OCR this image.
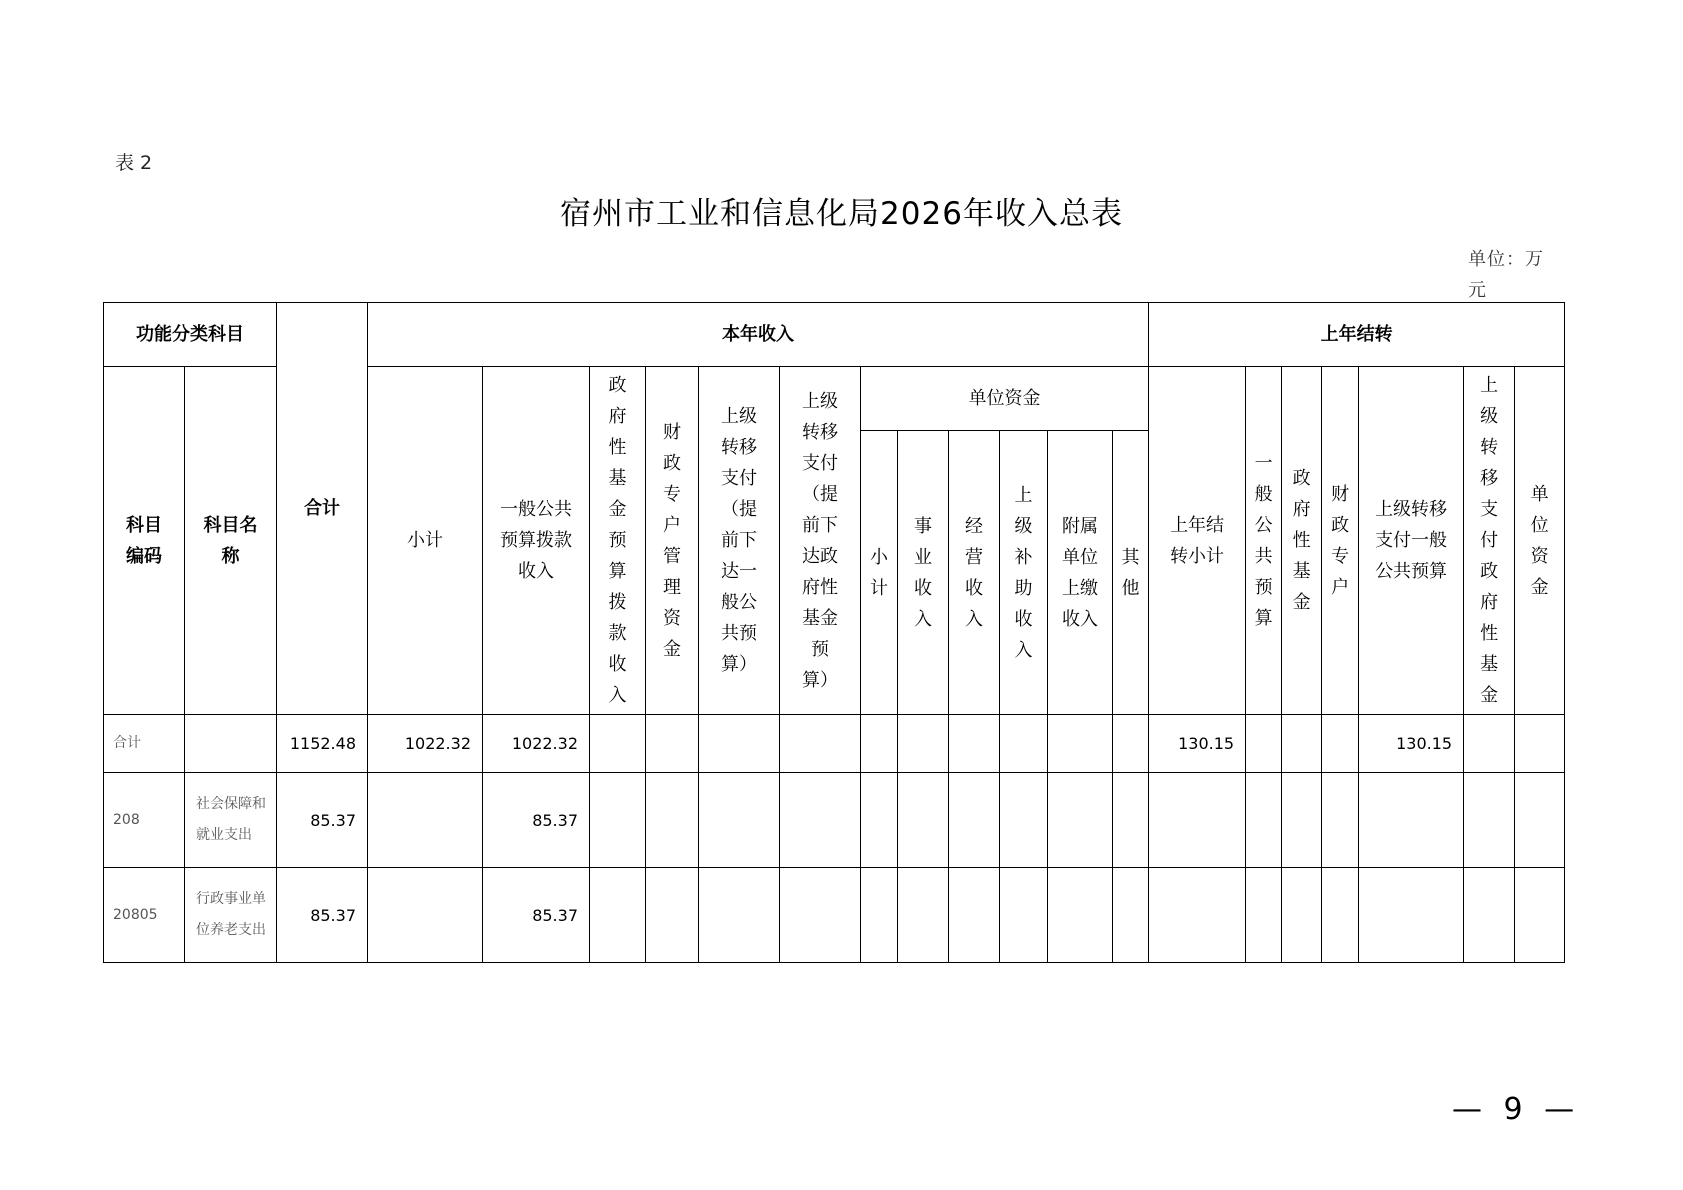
表 2
宿州市工业和信息化局2026年收入总表
单位：万元
功能分类科目		合计	本年收入												上年结转						
科目编码	科目名称		小计	一般公共预算拨款收入	政府性基金预算拨款收入	财政专户管理资金	上级转移支付（提前下达一般公共预算）	上级转移支付（提前下达政府性基金预算）	单位资金						上年结转小计	一般公共预算	政府性基金	财政专户	上级转移支付一般公共预算	上级转移支付政府性基金	单位资金
									小计	事业收入	经营收入	上级补助收入	附属单位上缴收入	其他							
合计		1152.48	1022.32	1022.32											130.15				130.15		
208	社会保障和就业支出	85.37		85.37																	
20805	行政事业单位养老支出	85.37		85.37																	
— 9 —
